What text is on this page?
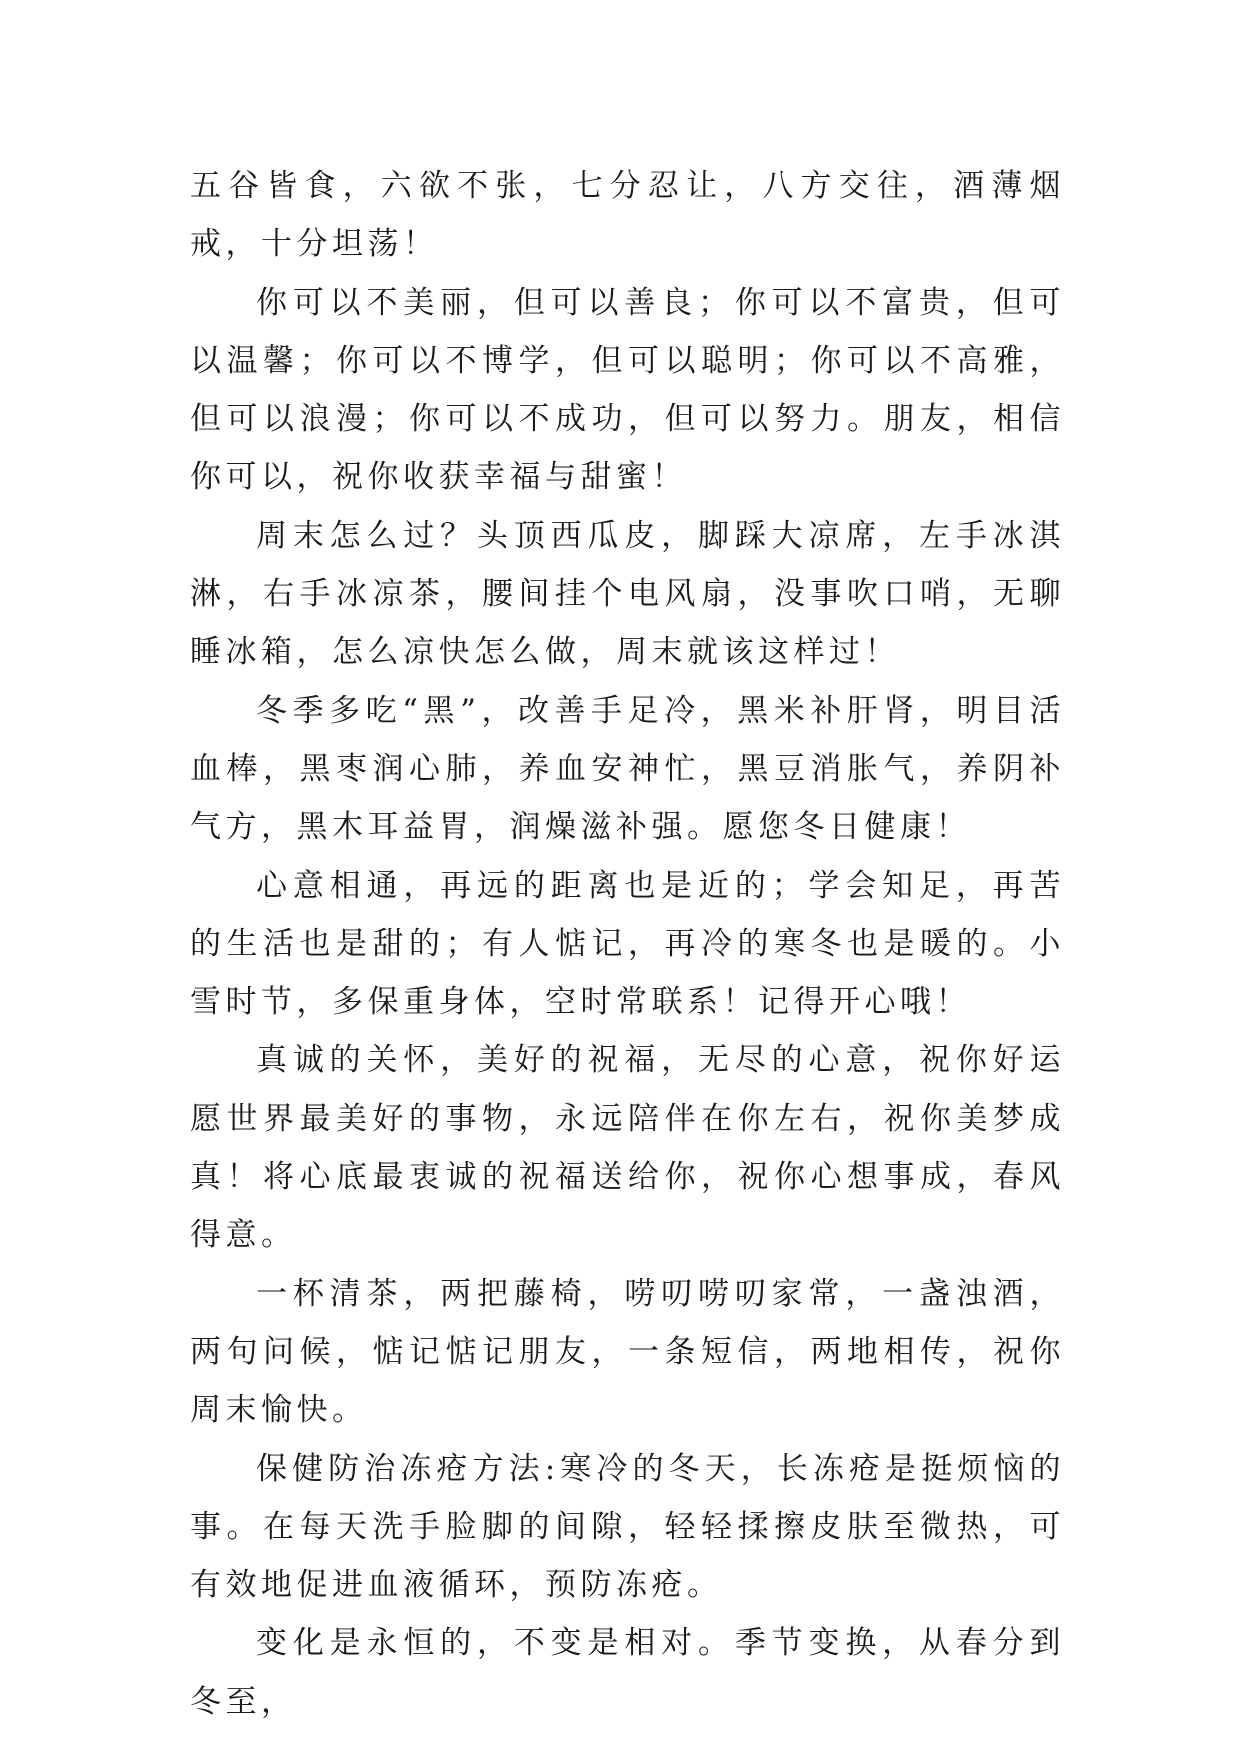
五谷皆食，六欲不张，七分忍让，八方交往，酒薄烟戒，十分坦荡！

你可以不美丽，但可以善良；你可以不富贵，但可以温馨；你可以不博学，但可以聪明；你可以不高雅，但可以浪漫；你可以不成功，但可以努力。朋友，相信你可以，祝你收获幸福与甜蜜！

周末怎么过？头顶西瓜皮，脚踩大凉席，左手冰淇淋，右手冰凉茶，腰间挂个电风扇，没事吹口哨，无聊睡冰箱，怎么凉快怎么做，周末就该这样过！

冬季多吃“黑”，改善手足冷，黑米补肝肾，明目活血棒，黑枣润心肺，养血安神忙，黑豆消胀气，养阴补气方，黑木耳益胃，润燥滋补强。愿您冬日健康！

心意相通，再远的距离也是近的；学会知足，再苦的生活也是甜的；有人惦记，再冷的寒冬也是暖的。小雪时节，多保重身体，空时常联系！记得开心哦！

真诚的关怀，美好的祝福，无尽的心意，祝你好运愿世界最美好的事物，永远陪伴在你左右，祝你美梦成真！将心底最衷诚的祝福送给你，祝你心想事成，春风得意。

一杯清茶，两把藤椅，唠叨唠叨家常，一盏浊酒，两句问候，惦记惦记朋友，一条短信，两地相传，祝你周末愉快。

保健防治冻疮方法:寒冷的冬天，长冻疮是挺烦恼的事。在每天洗手脸脚的间隙，轻轻揉擦皮肤至微热，可有效地促进血液循环，预防冻疮。

变化是永恒的，不变是相对。季节变换，从春分到冬至，
